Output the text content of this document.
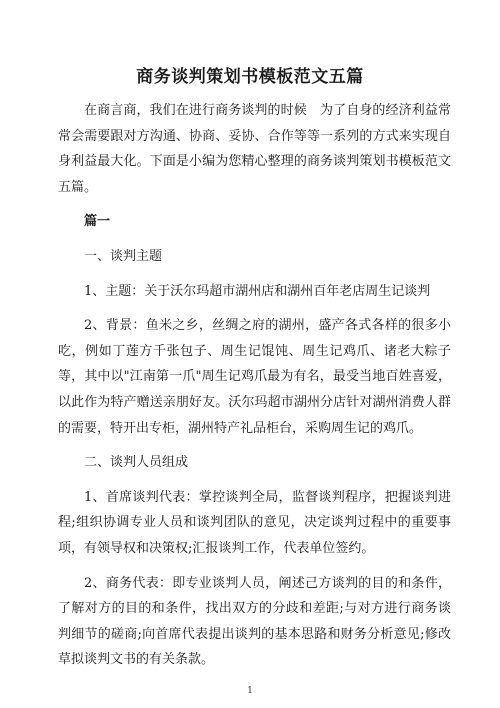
商务谈判策划书模板范文五篇

在商言商，我们在进行商务谈判的时候　为了自身的经济利益常常会需要跟对方沟通、协商、妥协、合作等等一系列的方式来实现自身利益最大化。下面是小编为您精心整理的商务谈判策划书模板范文五篇。

篇一

一、谈判主题

1、主题：关于沃尔玛超市湖州店和湖州百年老店周生记谈判

2、背景：鱼米之乡，丝绸之府的湖州，盛产各式各样的很多小吃，例如丁莲方千张包子、周生记馄饨、周生记鸡爪、诸老大粽子等，其中以"江南第一爪"周生记鸡爪最为有名，最受当地百姓喜爱，以此作为特产赠送亲朋好友。沃尔玛超市湖州分店针对湖州消费人群的需要，特开出专柜，湖州特产礼品柜台，采购周生记的鸡爪。

二、谈判人员组成

1、首席谈判代表：掌控谈判全局，监督谈判程序，把握谈判进程;组织协调专业人员和谈判团队的意见，决定谈判过程中的重要事项，有领导权和决策权;汇报谈判工作，代表单位签约。

2、商务代表：即专业谈判人员，阐述己方谈判的目的和条件，了解对方的目的和条件，找出双方的分歧和差距;与对方进行商务谈判细节的磋商;向首席代表提出谈判的基本思路和财务分析意见;修改草拟谈判文书的有关条款。

1
